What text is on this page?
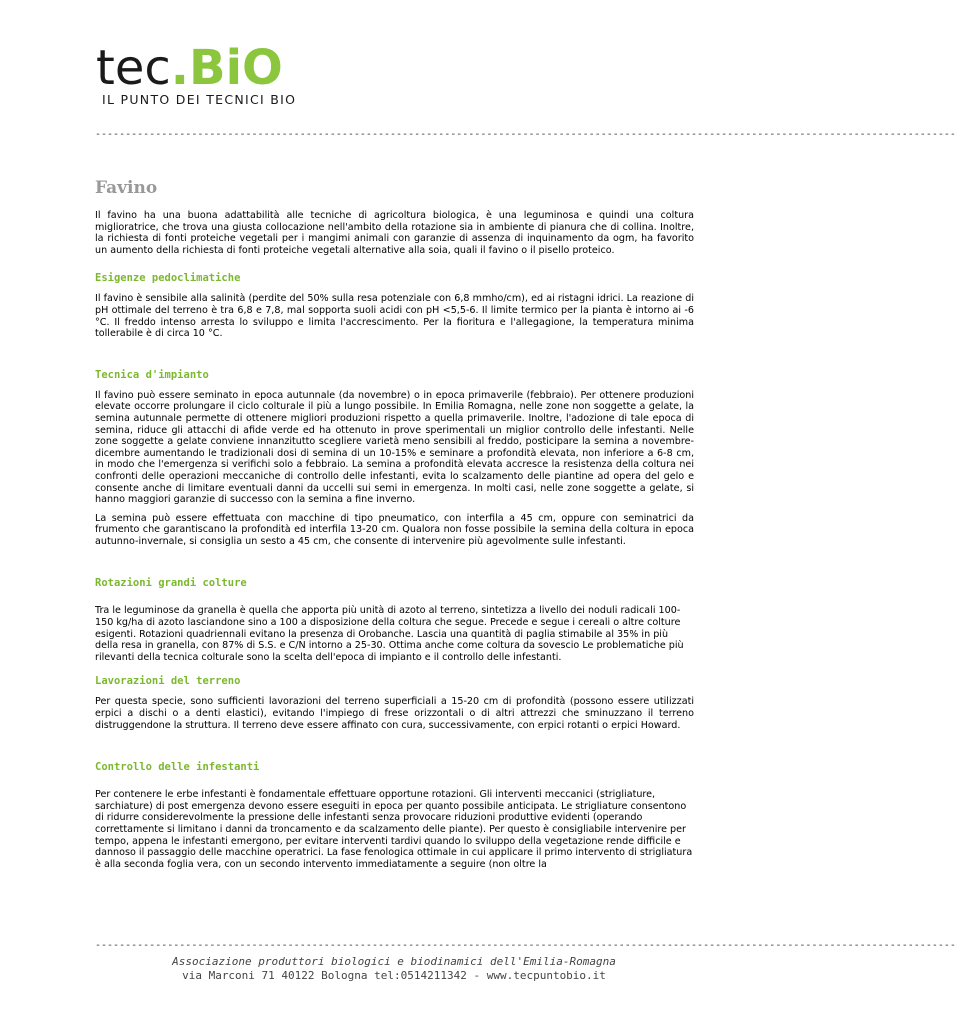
tec.BiO
IL PUNTO DEI TECNICI BIO
-----------------------------------------------------------------------------------------------------------------------------------------------
Favino

Il favino ha una buona adattabilità alle tecniche di agricoltura biologica, è una leguminosa e quindi una coltura miglioratrice, che trova una giusta collocazione nell'ambito della rotazione sia in ambiente di pianura che di collina. Inoltre, la richiesta di fonti proteiche vegetali per i mangimi animali con garanzie di assenza di inquinamento da ogm, ha favorito un aumento della richiesta di fonti proteiche vegetali alternative alla soia, quali il favino o il pisello proteico.

Esigenze pedoclimatiche

Il favino è sensibile alla salinità (perdite del 50% sulla resa potenziale con 6,8 mmho/cm), ed ai ristagni idrici. La reazione di pH ottimale del terreno è tra 6,8 e 7,8, mal sopporta suoli acidi con pH <5,5-6. Il limite termico per la pianta è intorno ai -6 °C. Il freddo intenso arresta lo sviluppo e limita l'accrescimento. Per la fioritura e l'allegagione, la temperatura minima tollerabile è di circa 10 °C.

Tecnica d'impianto

Il favino può essere seminato in epoca autunnale (da novembre) o in epoca primaverile (febbraio). Per ottenere produzioni elevate occorre prolungare il ciclo colturale il più a lungo possibile. In Emilia Romagna, nelle zone non soggette a gelate, la semina autunnale permette di ottenere migliori produzioni rispetto a quella primaverile. Inoltre, l'adozione di tale epoca di semina, riduce gli attacchi di afide verde ed ha ottenuto in prove sperimentali un miglior controllo delle infestanti. Nelle zone soggette a gelate conviene innanzitutto scegliere varietà meno sensibili al freddo, posticipare la semina a novembre-dicembre aumentando le tradizionali dosi di semina di un 10-15% e seminare a profondità elevata, non inferiore a 6-8 cm, in modo che l'emergenza si verifichi solo a febbraio. La semina a profondità elevata accresce la resistenza della coltura nei confronti delle operazioni meccaniche di controllo delle infestanti, evita lo scalzamento delle piantine ad opera del gelo e consente anche di limitare eventuali danni da uccelli sui semi in emergenza. In molti casi, nelle zone soggette a gelate, si hanno maggiori garanzie di successo con la semina a fine inverno.

La semina può essere effettuata con macchine di tipo pneumatico, con interfila a 45 cm, oppure con seminatrici da frumento che garantiscano la profondità ed interfila 13-20 cm. Qualora non fosse possibile la semina della coltura in epoca autunno-invernale, si consiglia un sesto a 45 cm, che consente di intervenire più agevolmente sulle infestanti.

Rotazioni grandi colture

Tra le leguminose da granella è quella che apporta più unità di azoto al terreno, sintetizza a livello dei noduli radicali 100-150 kg/ha di azoto lasciandone sino a 100 a disposizione della coltura che segue. Precede e segue i cereali o altre colture esigenti. Rotazioni quadriennali evitano la presenza di Orobanche. Lascia una quantità di paglia stimabile al 35% in più della resa in granella, con 87% di S.S. e C/N intorno a 25-30. Ottima anche come coltura da sovescio Le problematiche più rilevanti della tecnica colturale sono la scelta dell'epoca di impianto e il controllo delle infestanti.

Lavorazioni del terreno

Per questa specie, sono sufficienti lavorazioni del terreno superficiali a 15-20 cm di profondità (possono essere utilizzati erpici a dischi o a denti elastici), evitando l'impiego di frese orizzontali o di altri attrezzi che sminuzzano il terreno distruggendone la struttura. Il terreno deve essere affinato con cura, successivamente, con erpici rotanti o erpici Howard.

Controllo delle infestanti

Per contenere le erbe infestanti è fondamentale effettuare opportune rotazioni. Gli interventi meccanici (strigliature, sarchiature) di post emergenza devono essere eseguiti in epoca per quanto possibile anticipata. Le strigliature consentono di ridurre considerevolmente la pressione delle infestanti senza provocare riduzioni produttive evidenti (operando correttamente si limitano i danni da troncamento e da scalzamento delle piante). Per questo è consigliabile intervenire per tempo, appena le infestanti emergono, per evitare interventi tardivi quando lo sviluppo della vegetazione rende difficile e dannoso il passaggio delle macchine operatrici. La fase fenologica ottimale in cui applicare il primo intervento di strigliatura è alla seconda foglia vera, con un secondo intervento immediatamente a seguire (non oltre la

-----------------------------------------------------------------------------------------------------------------------------------------------
Associazione produttori biologici e biodinamici dell'Emilia-Romagna
via Marconi 71 40122 Bologna tel:0514211342 - www.tecpuntobio.it
